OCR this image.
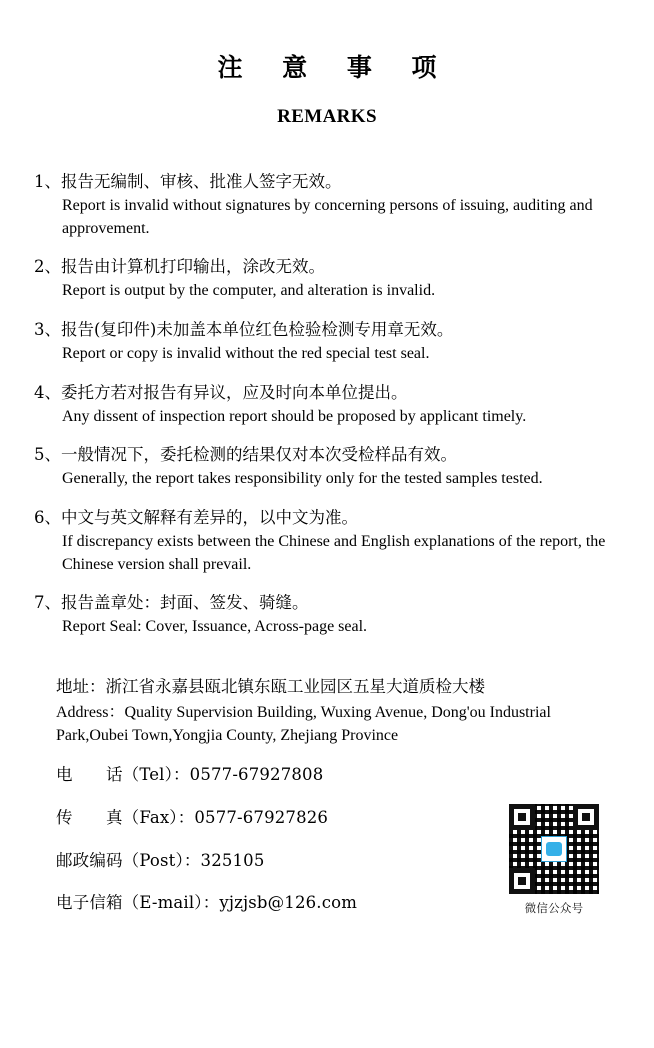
注 意 事 项
REMARKS
1、报告无编制、审核、批准人签字无效。
Report is invalid without signatures by concerning persons of issuing, auditing and approvement.
2、报告由计算机打印输出，涂改无效。
Report is output by the computer, and alteration is invalid.
3、报告(复印件)未加盖本单位红色检验检测专用章无效。
Report or copy is invalid without the red special test seal.
4、委托方若对报告有异议，应及时向本单位提出。
Any dissent of inspection report should be proposed by applicant timely.
5、一般情况下，委托检测的结果仅对本次受检样品有效。
Generally, the report takes responsibility only for the tested samples tested.
6、中文与英文解释有差异的，以中文为准。
If discrepancy exists between the Chinese and English explanations of the report, the Chinese version shall prevail.
7、报告盖章处：封面、签发、骑缝。
Report Seal: Cover, Issuance, Across-page seal.
地址：浙江省永嘉县瓯北镇东瓯工业园区五星大道质检大楼
Address：Quality Supervision Building, Wuxing Avenue, Dong'ou Industrial Park,Oubei Town,Yongjia County, Zhejiang Province
电　　话（Tel）：0577-67927808
传　　真（Fax）：0577-67927826
邮政编码（Post）：325105
电子信箱（E-mail）：yjzjsb@126.com	微信公众号
